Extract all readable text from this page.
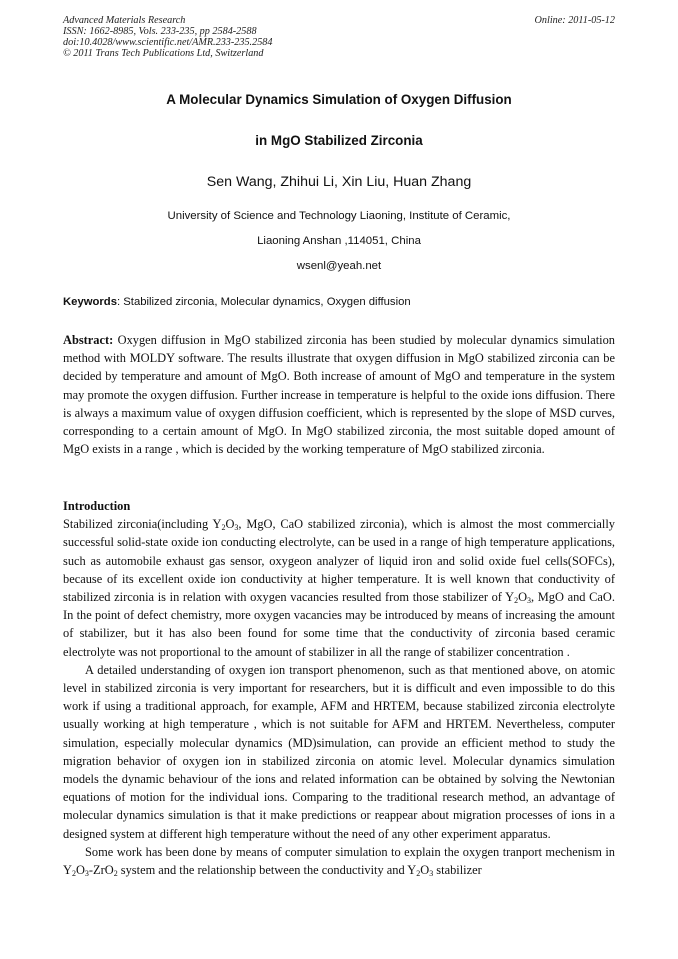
Advanced Materials Research
ISSN: 1662-8985, Vols. 233-235, pp 2584-2588
doi:10.4028/www.scientific.net/AMR.233-235.2584
© 2011 Trans Tech Publications Ltd, Switzerland
Online: 2011-05-12
A Molecular Dynamics Simulation of Oxygen Diffusion
in MgO Stabilized Zirconia
Sen Wang, Zhihui Li, Xin Liu, Huan Zhang
University of Science and Technology Liaoning, Institute of Ceramic,
Liaoning Anshan ,114051, China
wsenl@yeah.net
Keywords: Stabilized zirconia, Molecular dynamics, Oxygen diffusion

Abstract: Oxygen diffusion in MgO stabilized zirconia has been studied by molecular dynamics simulation method with MOLDY software. The results illustrate that oxygen diffusion in MgO stabilized zirconia can be decided by temperature and amount of MgO. Both increase of amount of MgO and temperature in the system may promote the oxygen diffusion. Further increase in temperature is helpful to the oxide ions diffusion. There is always a maximum value of oxygen diffusion coefficient, which is represented by the slope of MSD curves, corresponding to a certain amount of MgO. In MgO stabilized zirconia, the most suitable doped amount of MgO exists in a range , which is decided by the working temperature of MgO stabilized zirconia.

Introduction

Stabilized zirconia(including $Y_2O_3$, MgO, CaO stabilized zirconia), which is almost the most commercially successful solid-state oxide ion conducting electrolyte, can be used in a range of high temperature applications, such as automobile exhaust gas sensor, oxygeon analyzer of liquid iron and solid oxide fuel cells(SOFCs), because of its excellent oxide ion conductivity at higher temperature. It is well known that conductivity of stabilized zirconia is in relation with oxygen vacancies resulted from those stabilizer of $Y_2O_3$, MgO and CaO. In the point of defect chemistry, more oxygen vacancies may be introduced by means of increasing the amount of stabilizer, but it has also been found for some time that the conductivity of zirconia based ceramic electrolyte was not proportional to the amount of stabilizer in all the range of stabilizer concentration .

A detailed understanding of oxygen ion transport phenomenon, such as that mentioned above, on atomic level in stabilized zirconia is very important for researchers, but it is difficult and even impossible to do this work if using a traditional approach, for example, AFM and HRTEM, because stabilized zirconia electrolyte usually working at high temperature , which is not suitable for AFM and HRTEM. Nevertheless, computer simulation, especially molecular dynamics (MD)simulation, can provide an efficient method to study the migration behavior of oxygen ion in stabilized zirconia on atomic level. Molecular dynamics simulation models the dynamic behaviour of the ions and related information can be obtained by solving the Newtonian equations of motion for the individual ions. Comparing to the traditional research method, an advantage of molecular dynamics simulation is that it make predictions or reappear about migration processes of ions in a designed system at different high temperature without the need of any other experiment apparatus.

Some work has been done by means of computer simulation to explain the oxygen tranport mechenism in $Y_2O_3-ZrO_2$ system and the relationship between the conductivity and $Y_2O_3$ stabilizer
